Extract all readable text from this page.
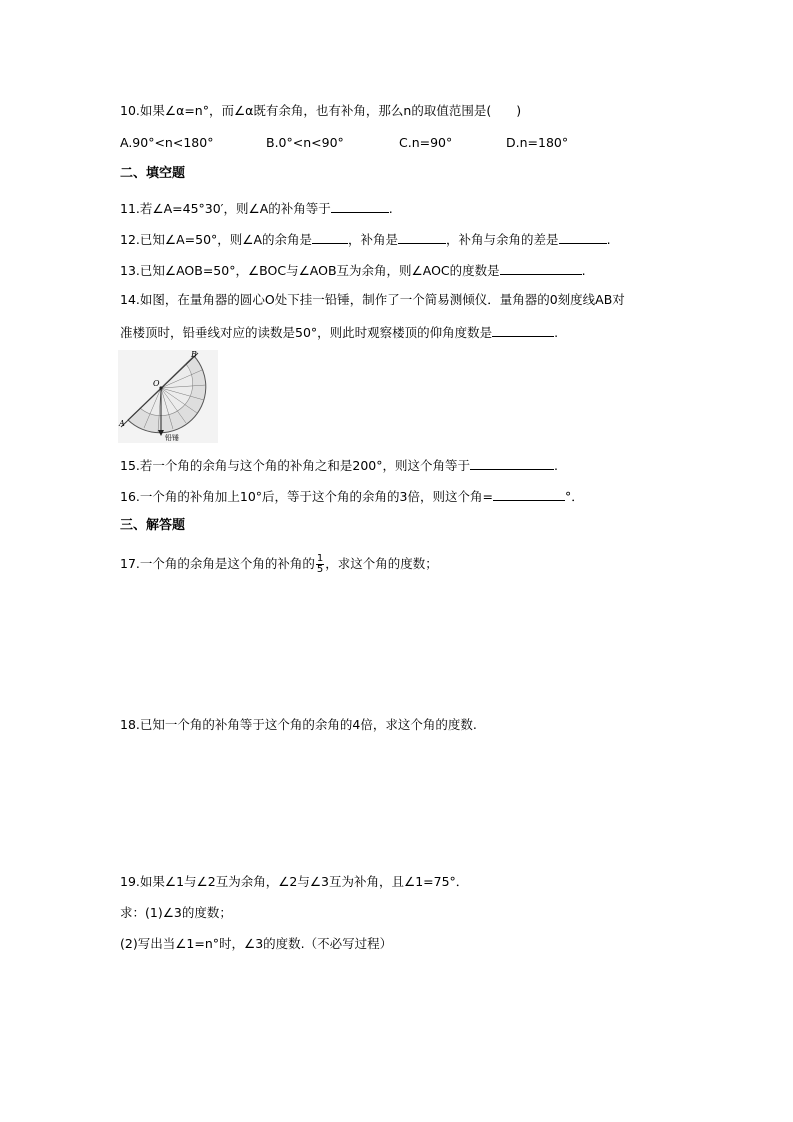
10.如果∠α=n°，而∠α既有余角，也有补角，那么n的取值范围是(　　)
A.90°<n<180°	B.0°<n<90°	C.n=90°	D.n=180°
二、填空题
11.若∠A=45°30′，则∠A的补角等于	.
12.已知∠A=50°，则∠A的余角是	，补角是	，补角与余角的差是	.
13.已知∠AOB=50°，∠BOC与∠AOB互为余角，则∠AOC的度数是	.
14.如图，在量角器的圆心O处下挂一铅锤，制作了一个简易测倾仪．量角器的0刻度线AB对
准楼顶时，铅垂线对应的读数是50°，则此时观察楼顶的仰角度数是	.
A
B
O
铅锤
15.若一个角的余角与这个角的补角之和是200°，则这个角等于	.
16.一个角的补角加上10°后，等于这个角的余角的3倍，则这个角=	°．
三、解答题
17.一个角的余角是这个角的补角的 $\frac{1}{5}$ ，求这个角的度数；
18.已知一个角的补角等于这个角的余角的4倍，求这个角的度数.
19.如果∠1与∠2互为余角，∠2与∠3互为补角，且∠1=75°．
求：(1)∠3的度数；
(2)写出当∠1=n°时，∠3的度数.（不必写过程）
